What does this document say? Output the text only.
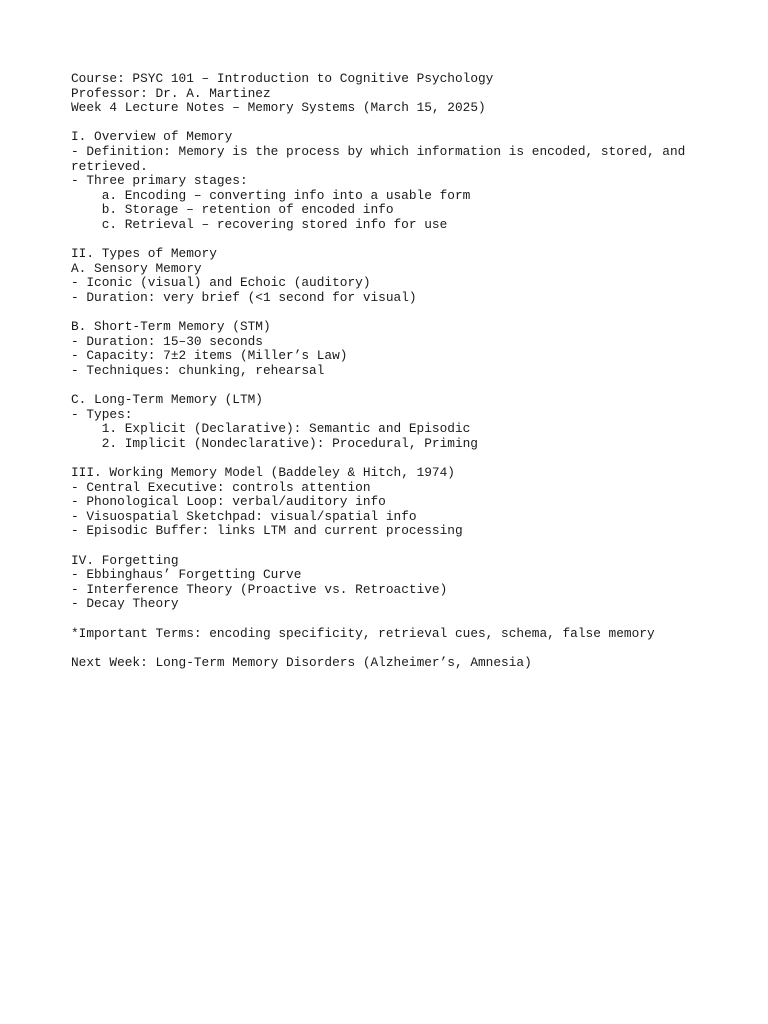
Course: PSYC 101 – Introduction to Cognitive Psychology
Professor: Dr. A. Martinez
Week 4 Lecture Notes – Memory Systems (March 15, 2025)
I. Overview of Memory
- Definition: Memory is the process by which information is encoded, stored, and retrieved.
- Three primary stages:
a. Encoding – converting info into a usable form
b. Storage – retention of encoded info
c. Retrieval – recovering stored info for use
II. Types of Memory
A. Sensory Memory
- Iconic (visual) and Echoic (auditory)
- Duration: very brief (<1 second for visual)
B. Short-Term Memory (STM)
- Duration: 15–30 seconds
- Capacity: 7±2 items (Miller’s Law)
- Techniques: chunking, rehearsal
C. Long-Term Memory (LTM)
- Types:
1. Explicit (Declarative): Semantic and Episodic
2. Implicit (Nondeclarative): Procedural, Priming
III. Working Memory Model (Baddeley & Hitch, 1974)
- Central Executive: controls attention
- Phonological Loop: verbal/auditory info
- Visuospatial Sketchpad: visual/spatial info
- Episodic Buffer: links LTM and current processing
IV. Forgetting
- Ebbinghaus’ Forgetting Curve
- Interference Theory (Proactive vs. Retroactive)
- Decay Theory
*Important Terms: encoding specificity, retrieval cues, schema, false memory
Next Week: Long-Term Memory Disorders (Alzheimer’s, Amnesia)
